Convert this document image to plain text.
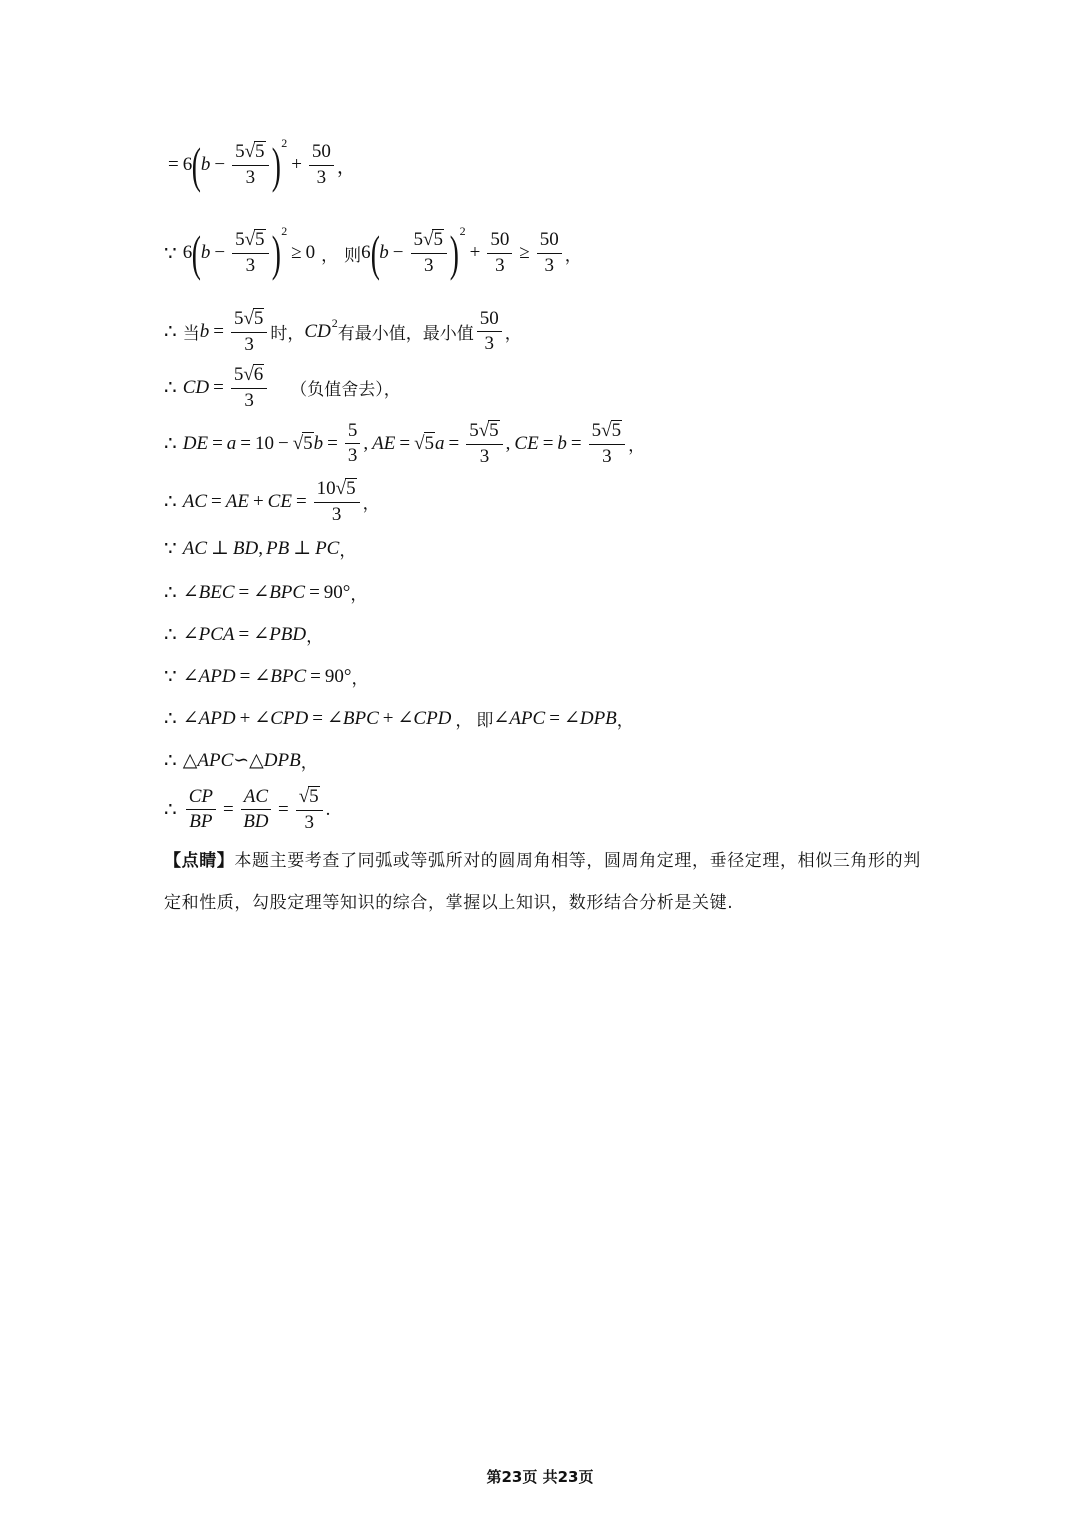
= 6 ( $b - \frac{5√5}{3}$ ) 2
+ $\frac{50}{3}$ ，
∵ 6 ( $b - \frac{5√5}{3}$ ) 2
≥ 0 ， 则 6 ( $b - \frac{5√5}{3}$ ) 2
+ $\frac{50}{3} \ge \frac{50}{3}$ ，
∴ 当 $b = \frac{5√5}{3}$ 时， CD 2
有最小值，最小值 $\frac{50}{3}$ ，
∴ CD = $\frac{5√6}{3}$ （负值舍去），
∴ DE = a = 10 − √5 $b = \frac{5}{3}$ , AE = √5 $a = \frac{5√5}{3}$ , CE = $b = \frac{5√5}{3}$ ，
∴ AC = AE + CE = $\frac{10√5}{3}$ ，
∵ AC ⊥ BD , PB ⊥ PC ，
∴ ∠ BEC = ∠ BPC = 90° ，
∴ ∠ PCA = ∠ PBD ，
∵ ∠ APD = ∠ BPC = 90° ，
∴ ∠ APD + ∠ CPD = ∠ BPC + ∠ CPD ， 即 ∠ APC = ∠ DPB ，
∴ △ APC ∽ △ DPB ，
∴ $\frac{CP}{BP} = \frac{AC}{BD} = \frac{√5}{3}$ .
【点睛】本题主要考查了同弧或等弧所对的圆周角相等，圆周角定理，垂径定理，相似三角形的判定和性质，勾股定理等知识的综合，掌握以上知识，数形结合分析是关键.
第23页 共23页
